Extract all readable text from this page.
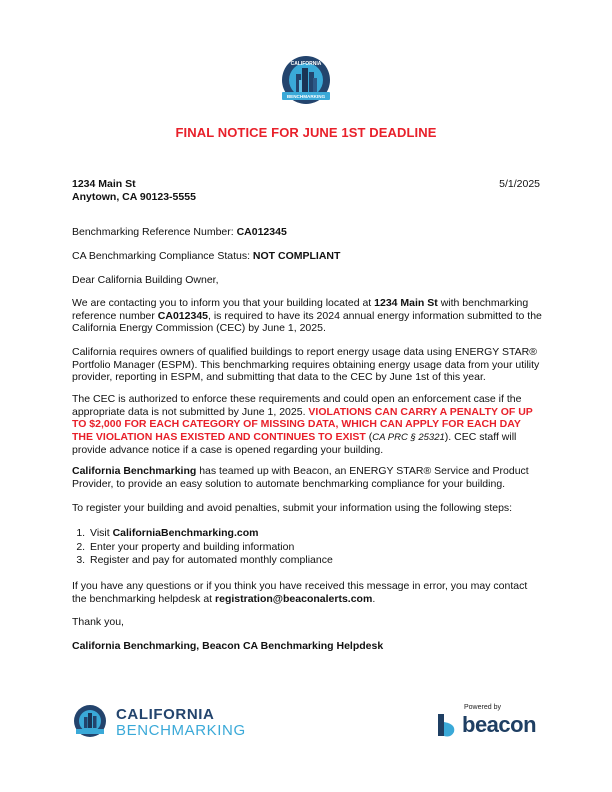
CALIFORNIA
BENCHMARKING
FINAL NOTICE FOR JUNE 1ST DEADLINE
1234 Main St
Anytown, CA 90123-5555
5/1/2025

Benchmarking Reference Number: CA012345

CA Benchmarking Compliance Status: NOT COMPLIANT

Dear California Building Owner,

We are contacting you to inform you that your building located at 1234 Main St with benchmarking reference number CA012345, is required to have its 2024 annual energy information submitted to the California Energy Commission (CEC) by June 1, 2025.

California requires owners of qualified buildings to report energy usage data using ENERGY STAR® Portfolio Manager (ESPM). This benchmarking requires obtaining energy usage data from your utility provider, reporting in ESPM, and submitting that data to the CEC by June 1st of this year.

The CEC is authorized to enforce these requirements and could open an enforcement case if the appropriate data is not submitted by June 1, 2025. VIOLATIONS CAN CARRY A PENALTY OF UP TO $2,000 FOR EACH CATEGORY OF MISSING DATA, WHICH CAN APPLY FOR EACH DAY THE VIOLATION HAS EXISTED AND CONTINUES TO EXIST (CA PRC § 25321). CEC staff will provide advance notice if a case is opened regarding your building.

California Benchmarking has teamed up with Beacon, an ENERGY STAR® Service and Product Provider, to provide an easy solution to automate benchmarking compliance for your building.

To register your building and avoid penalties, submit your information using the following steps:

1. Visit CaliforniaBenchmarking.com
2. Enter your property and building information
3. Register and pay for automated monthly compliance

If you have any questions or if you think you have received this message in error, you may contact the benchmarking helpdesk at registration@beaconalerts.com.

Thank you,

California Benchmarking, Beacon CA Benchmarking Helpdesk

CALIFORNIA
BENCHMARKING
Powered by
beacon
